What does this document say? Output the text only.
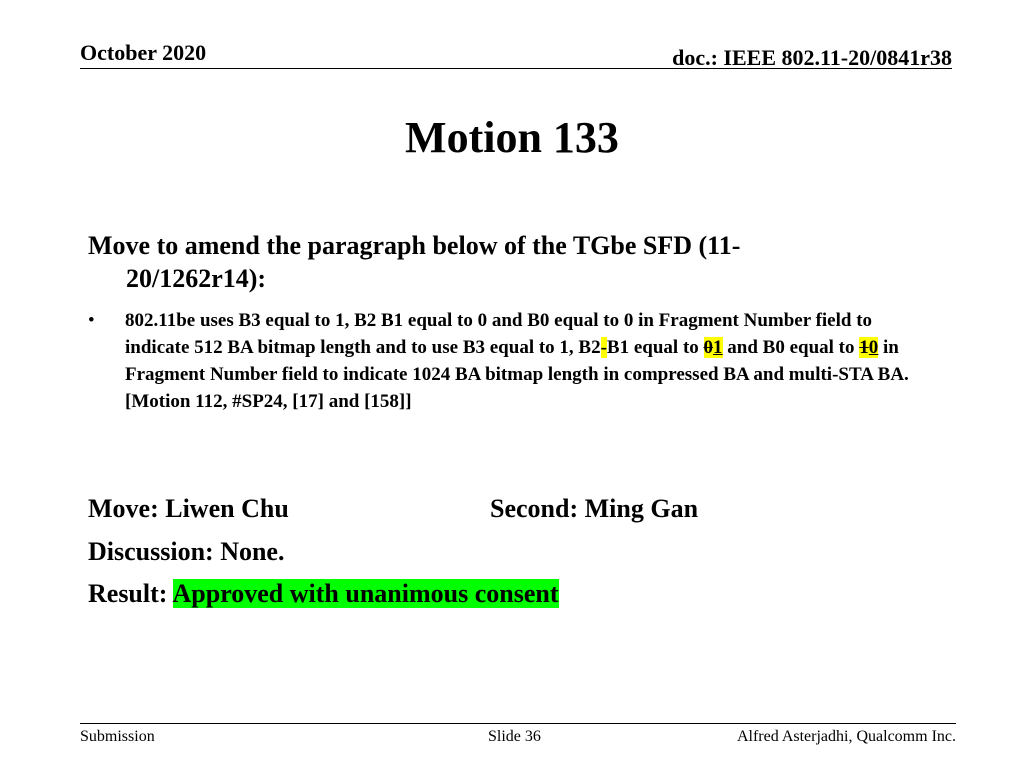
October 2020	doc.: IEEE 802.11-20/0841r38
Motion 133
Move to amend the paragraph below of the TGbe SFD (11-20/1262r14):
• 802.11be uses B3 equal to 1, B2 B1 equal to 0 and B0 equal to 0 in Fragment Number field to indicate 512 BA bitmap length and to use B3 equal to 1, B2-B1 equal to 01 and B0 equal to 10 in Fragment Number field to indicate 1024 BA bitmap length in compressed BA and multi-STA BA. [Motion 112, #SP24, [17] and [158]]
Move: Liwen Chu	Second: Ming Gan
Discussion: None.
Result: Approved with unanimous consent
Submission	Slide 36	Alfred Asterjadhi, Qualcomm Inc.
